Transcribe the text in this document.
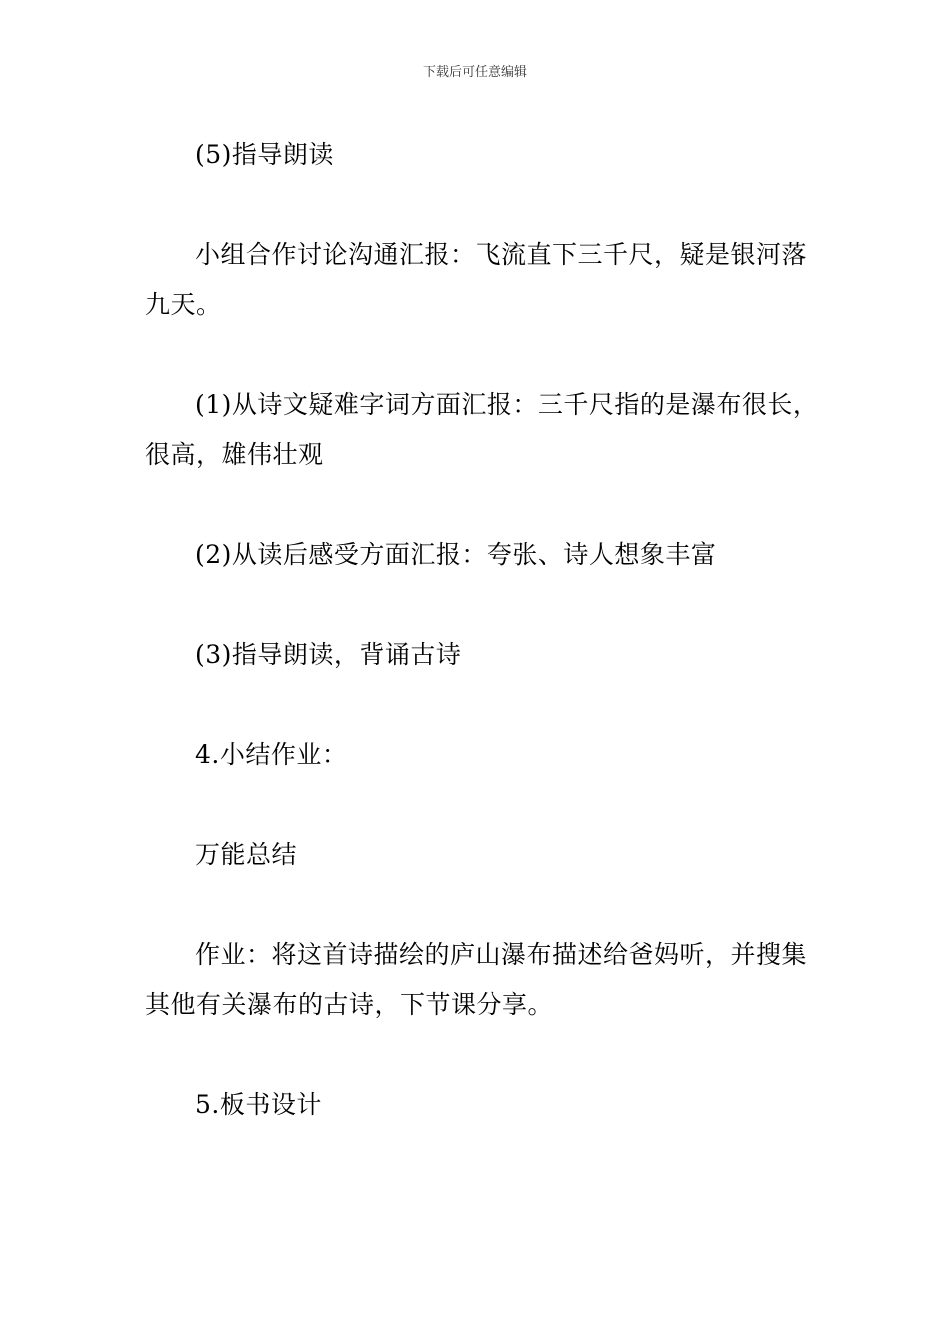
下载后可任意编辑

(5)指导朗读

小组合作讨论沟通汇报：飞流直下三千尺，疑是银河落九天。

(1)从诗文疑难字词方面汇报：三千尺指的是瀑布很长，很高，雄伟壮观

(2)从读后感受方面汇报：夸张、诗人想象丰富

(3)指导朗读，背诵古诗

4.小结作业：

万能总结

作业：将这首诗描绘的庐山瀑布描述给爸妈听，并搜集其他有关瀑布的古诗，下节课分享。

5.板书设计
